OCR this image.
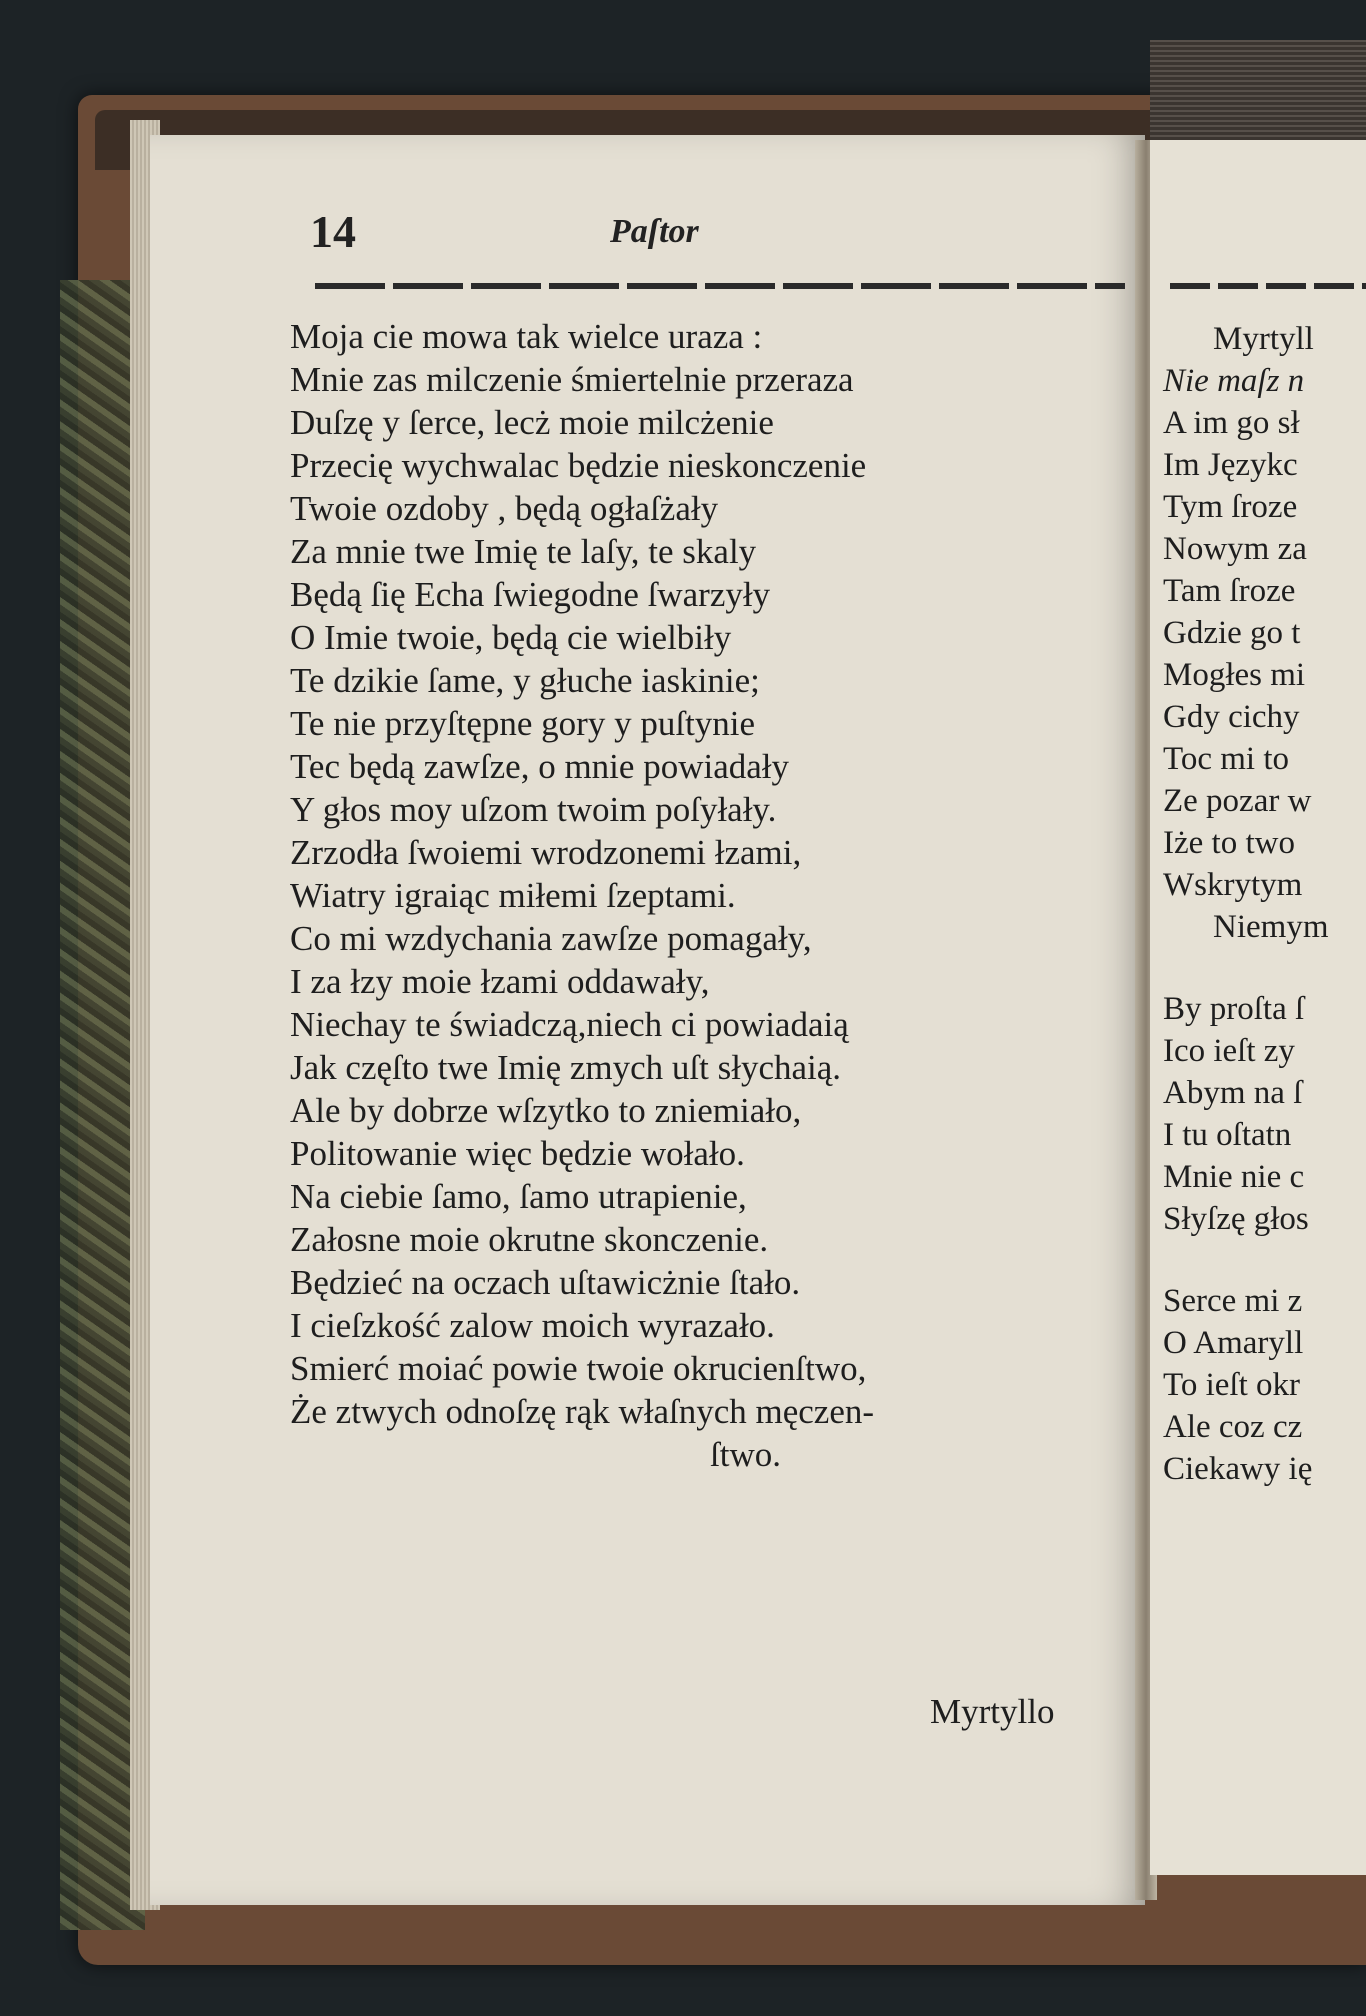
14	Paſtor
Moja cie mowa tak wielce uraza :
Mnie zas milczenie śmiertelnie przeraza
Duſzę y ſerce, lecż moie milcżenie
Przecię wychwalac będzie nieskonczenie
Twoie ozdoby , będą ogłaſżały
Za mnie twe Imię te laſy, te skaly
Będą ſię Echa ſwiegodne ſwarzyły
O Imie twoie, będą cie wielbiły
Te dzikie ſame, y głuche iaskinie;
Te nie przyſtępne gory y puſtynie
Tec będą zawſze, o mnie powiadały
Y głos moy uſzom twoim poſyłały.
Zrzodła ſwoiemi wrodzonemi łzami,
Wiatry igraiąc miłemi ſzeptami.
Co mi wzdychania zawſze pomagały,
I za łzy moie łzami oddawały,
Niechay te świadczą,niech ci powiadaią
Jak częſto twe Imię zmych uſt słychaią.
Ale by dobrze wſzytko to zniemiało,
Politowanie więc będzie wołało.
Na ciebie ſamo, ſamo utrapienie,
Załosne moie okrutne skonczenie.
Będzieć na oczach uſtawicżnie ſtało.
I cieſzkość zalow moich wyrazało.
Smierć moiać powie twoie okrucienſtwo,
Że ztwych odnoſzę rąk właſnych męczen-
ſtwo.
Myrtyllo
Myrtyll
Nie maſz n
A im go sł
Im Językc
Tym ſroze
Nowym za
Tam ſroze
Gdzie go t
Mogłes mi
Gdy cichy
Toc mi to
Ze pozar w
Iże to two
Wskrytym
Niemym
By proſta ſ
Ico ieſt zy
Abym na ſ
I tu oſtatn
Mnie nie c
Słyſzę głos
Serce mi z
O Amaryll
To ieſt okr
Ale coz cz
Ciekawy ię
